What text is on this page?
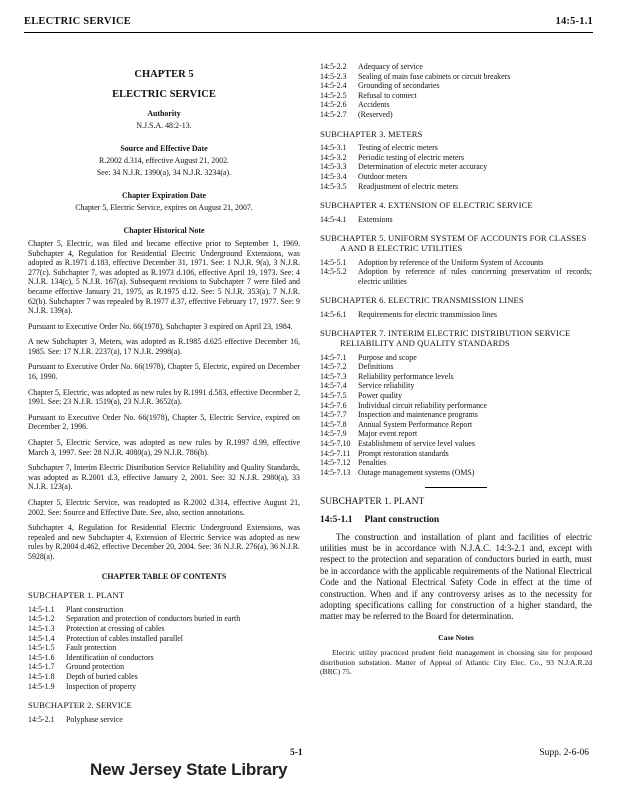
ELECTRIC SERVICE	14:5-1.1
CHAPTER 5
ELECTRIC SERVICE
Authority
N.J.S.A. 48:2-13.
Source and Effective Date
R.2002 d.314, effective August 21, 2002.
See: 34 N.J.R. 1390(a), 34 N.J.R. 3234(a).
Chapter Expiration Date
Chapter 5, Electric Service, expires on August 21, 2007.
Chapter Historical Note

Chapter 5, Electric, was filed and became effective prior to September 1, 1969. Subchapter 4, Regulation for Residential Electric Underground Extensions, was adopted as R.1971 d.183, effective December 31, 1971. See: 1 N.J.R. 9(a), 3 N.J.R. 277(c). Subchapter 7, was adopted as R.1973 d.106, effective April 19, 1973. See: 4 N.J.R. 134(c), 5 N.J.R. 167(a). Subsequent revisions to Subchapter 7 were filed and became effective January 21, 1975, as R.1975 d.12. See: 5 N.J.R. 353(a), 7 N.J.R. 62(b). Subchapter 7 was repealed by R.1977 d.37, effective February 17, 1977. See: 9 N.J.R. 139(a).

Pursuant to Executive Order No. 66(1978), Subchapter 3 expired on April 23, 1984.

A new Subchapter 3, Meters, was adopted as R.1985 d.625 effective December 16, 1985. See: 17 N.J.R. 2237(a), 17 N.J.R. 2998(a).

Pursuant to Executive Order No. 66(1978), Chapter 5, Electric, expired on December 16, 1990.

Chapter 5, Electric, was adopted as new rules by R.1991 d.583, effective December 2, 1991. See: 23 N.J.R. 1519(a), 23 N.J.R. 3652(a).

Pursuant to Executive Order No. 66(1978), Chapter 5, Electric Service, expired on December 2, 1996.

Chapter 5, Electric Service, was adopted as new rules by R.1997 d.99, effective March 3, 1997. See: 28 N.J.R. 4080(a), 29 N.J.R. 786(b).

Subchapter 7, Interim Electric Distribution Service Reliability and Quality Standards, was adopted as R.2001 d.3, effective January 2, 2001. See: 32 N.J.R. 2980(a), 33 N.J.R. 123(a).

Chapter 5, Electric Service, was readopted as R.2002 d.314, effective August 21, 2002. See: Source and Effective Date. See, also, section annotations.

Subchapter 4, Regulation for Residential Electric Underground Extensions, was repealed and new Subchapter 4, Extension of Electric Service was adopted as new rules by R.2004 d.462, effective December 20, 2004. See: 36 N.J.R. 276(a), 36 N.J.R. 5928(a).

CHAPTER TABLE OF CONTENTS
SUBCHAPTER 1. PLANT
14:5-1.1	Plant construction
14:5-1.2	Separation and protection of conductors buried in earth
14:5-1.3	Protection at crossing of cables
14:5-1.4	Protection of cables installed parallel
14:5-1.5	Fault protection
14:5-1.6	Identification of conductors
14:5-1.7	Ground protection
14:5-1.8	Depth of buried cables
14:5-1.9	Inspection of property
SUBCHAPTER 2. SERVICE
14:5-2.1	Polyphase service
14:5-2.2	Adequacy of service
14:5-2.3	Sealing of main fuse cabinets or circuit breakers
14:5-2.4	Grounding of secondaries
14:5-2.5	Refusal to connect
14:5-2.6	Accidents
14:5-2.7	(Reserved)
SUBCHAPTER 3. METERS
14:5-3.1	Testing of electric meters
14:5-3.2	Periodic testing of electric meters
14:5-3.3	Determination of electric meter accuracy
14:5-3.4	Outdoor meters
14:5-3.5	Readjustment of electric meters
SUBCHAPTER 4. EXTENSION OF ELECTRIC SERVICE
14:5-4.1	Extensions
SUBCHAPTER 5. UNIFORM SYSTEM OF ACCOUNTS FOR CLASSES A AND B ELECTRIC UTILITIES
14:5-5.1	Adoption by reference of the Uniform System of Accounts
14:5-5.2	Adoption by reference of rules concerning preservation of records; electric utilities
SUBCHAPTER 6. ELECTRIC TRANSMISSION LINES
14:5-6.1	Requirements for electric transmission lines
SUBCHAPTER 7. INTERIM ELECTRIC DISTRIBUTION SERVICE RELIABILITY AND QUALITY STANDARDS
14:5-7.1	Purpose and scope
14:5-7.2	Definitions
14:5-7.3	Reliability performance levels
14:5-7.4	Service reliability
14:5-7.5	Power quality
14:5-7.6	Individual circuit reliability performance
14:5-7.7	Inspection and maintenance programs
14:5-7.8	Annual System Performance Report
14:5-7.9	Major event report
14:5-7.10 Establishment of service level values
14:5-7.11 Prompt restoration standards
14:5-7.12 Penalties
14:5-7.13 Outage management systems (OMS)
SUBCHAPTER 1. PLANT
14:5-1.1 Plant construction

The construction and installation of plant and facilities of electric utilities must be in accordance with N.J.A.C. 14:3-2.1 and, except with respect to the protection and separation of conductors buried in earth, must be in accordance with the applicable requirements of the National Electrical Code and the National Electrical Safety Code in effect at the time of construction. When and if any controversy arises as to the necessity for adopting specifications calling for construction of a higher standard, the matter may be referred to the Board for determination.

Case Notes

Electric utility practiced prudent field management in choosing site for proposed distribution substation. Matter of Appeal of Atlantic City Elec. Co., 93 N.J.A.R.2d (BRC) 75.

5-1	Supp. 2-6-06
New Jersey State Library
